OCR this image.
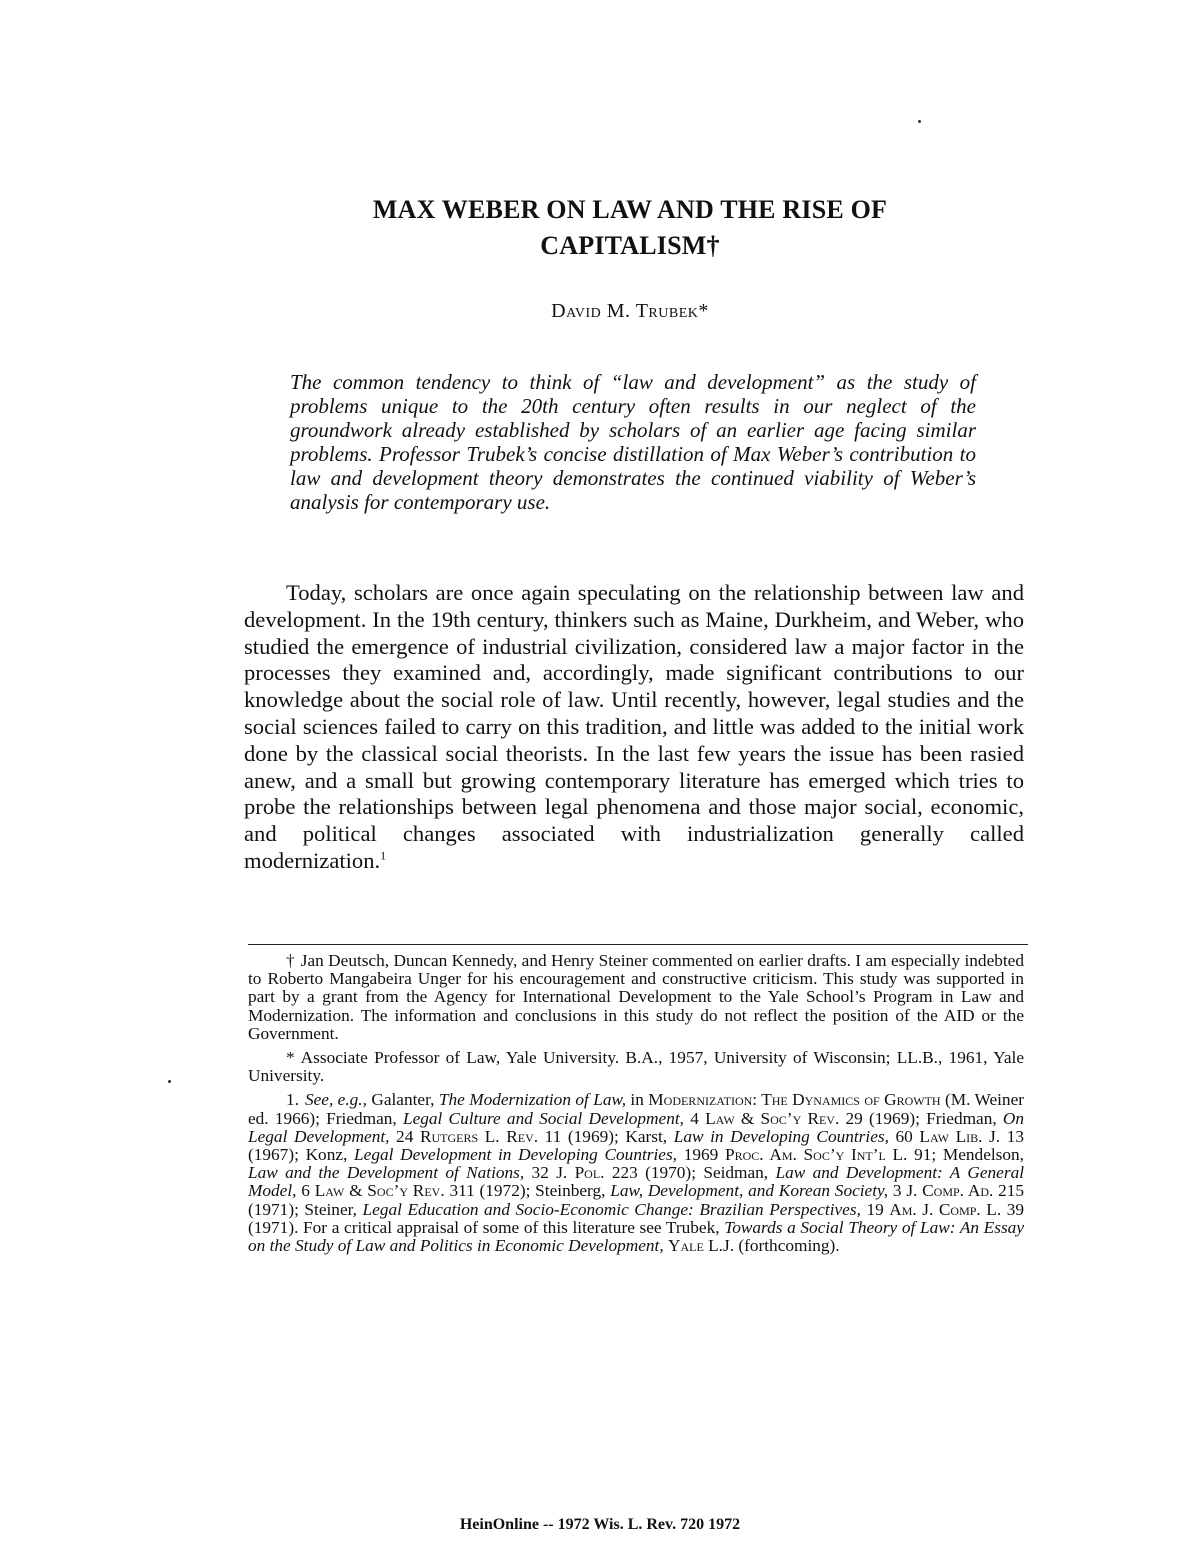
MAX WEBER ON LAW AND THE RISE OF
CAPITALISM†
David M. Trubek*

The common tendency to think of “law and development” as the study of problems unique to the 20th century often results in our neglect of the groundwork already established by scholars of an earlier age facing similar problems. Professor Trubek’s concise distillation of Max Weber’s contribution to law and development theory demonstrates the continued viability of Weber’s analysis for contemporary use.

Today, scholars are once again speculating on the relationship between law and development. In the 19th century, thinkers such as Maine, Durkheim, and Weber, who studied the emergence of industrial civilization, considered law a major factor in the processes they examined and, accordingly, made significant contributions to our knowledge about the social role of law. Until recently, however, legal studies and the social sciences failed to carry on this tradition, and little was added to the initial work done by the classical social theorists. In the last few years the issue has been rasied anew, and a small but growing contemporary literature has emerged which tries to probe the relationships between legal phenomena and those major social, economic, and political changes associated with industrialization generally called modernization.$^1$

† Jan Deutsch, Duncan Kennedy, and Henry Steiner commented on earlier drafts. I am especially indebted to Roberto Mangabeira Unger for his encouragement and constructive criticism. This study was supported in part by a grant from the Agency for International Development to the Yale School’s Program in Law and Modernization. The information and conclusions in this study do not reflect the position of the AID or the Government.

* Associate Professor of Law, Yale University. B.A., 1957, University of Wisconsin; LL.B., 1961, Yale University.

1. See, e.g., Galanter, The Modernization of Law, in Modernization: The Dynamics of Growth (M. Weiner ed. 1966); Friedman, Legal Culture and Social Development, 4 Law & Soc’y Rev. 29 (1969); Friedman, On Legal Development, 24 Rutgers L. Rev. 11 (1969); Karst, Law in Developing Countries, 60 Law Lib. J. 13 (1967); Konz, Legal Development in Developing Countries, 1969 Proc. Am. Soc’y Int’l L. 91; Mendelson, Law and the Development of Nations, 32 J. Pol. 223 (1970); Seidman, Law and Development: A General Model, 6 Law & Soc’y Rev. 311 (1972); Steinberg, Law, Development, and Korean Society, 3 J. Comp. Ad. 215 (1971); Steiner, Legal Education and Socio-Economic Change: Brazilian Perspectives, 19 Am. J. Comp. L. 39 (1971). For a critical appraisal of some of this literature see Trubek, Towards a Social Theory of Law: An Essay on the Study of Law and Politics in Economic Development, Yale L.J. (forthcoming).

HeinOnline -- 1972 Wis. L. Rev. 720 1972
